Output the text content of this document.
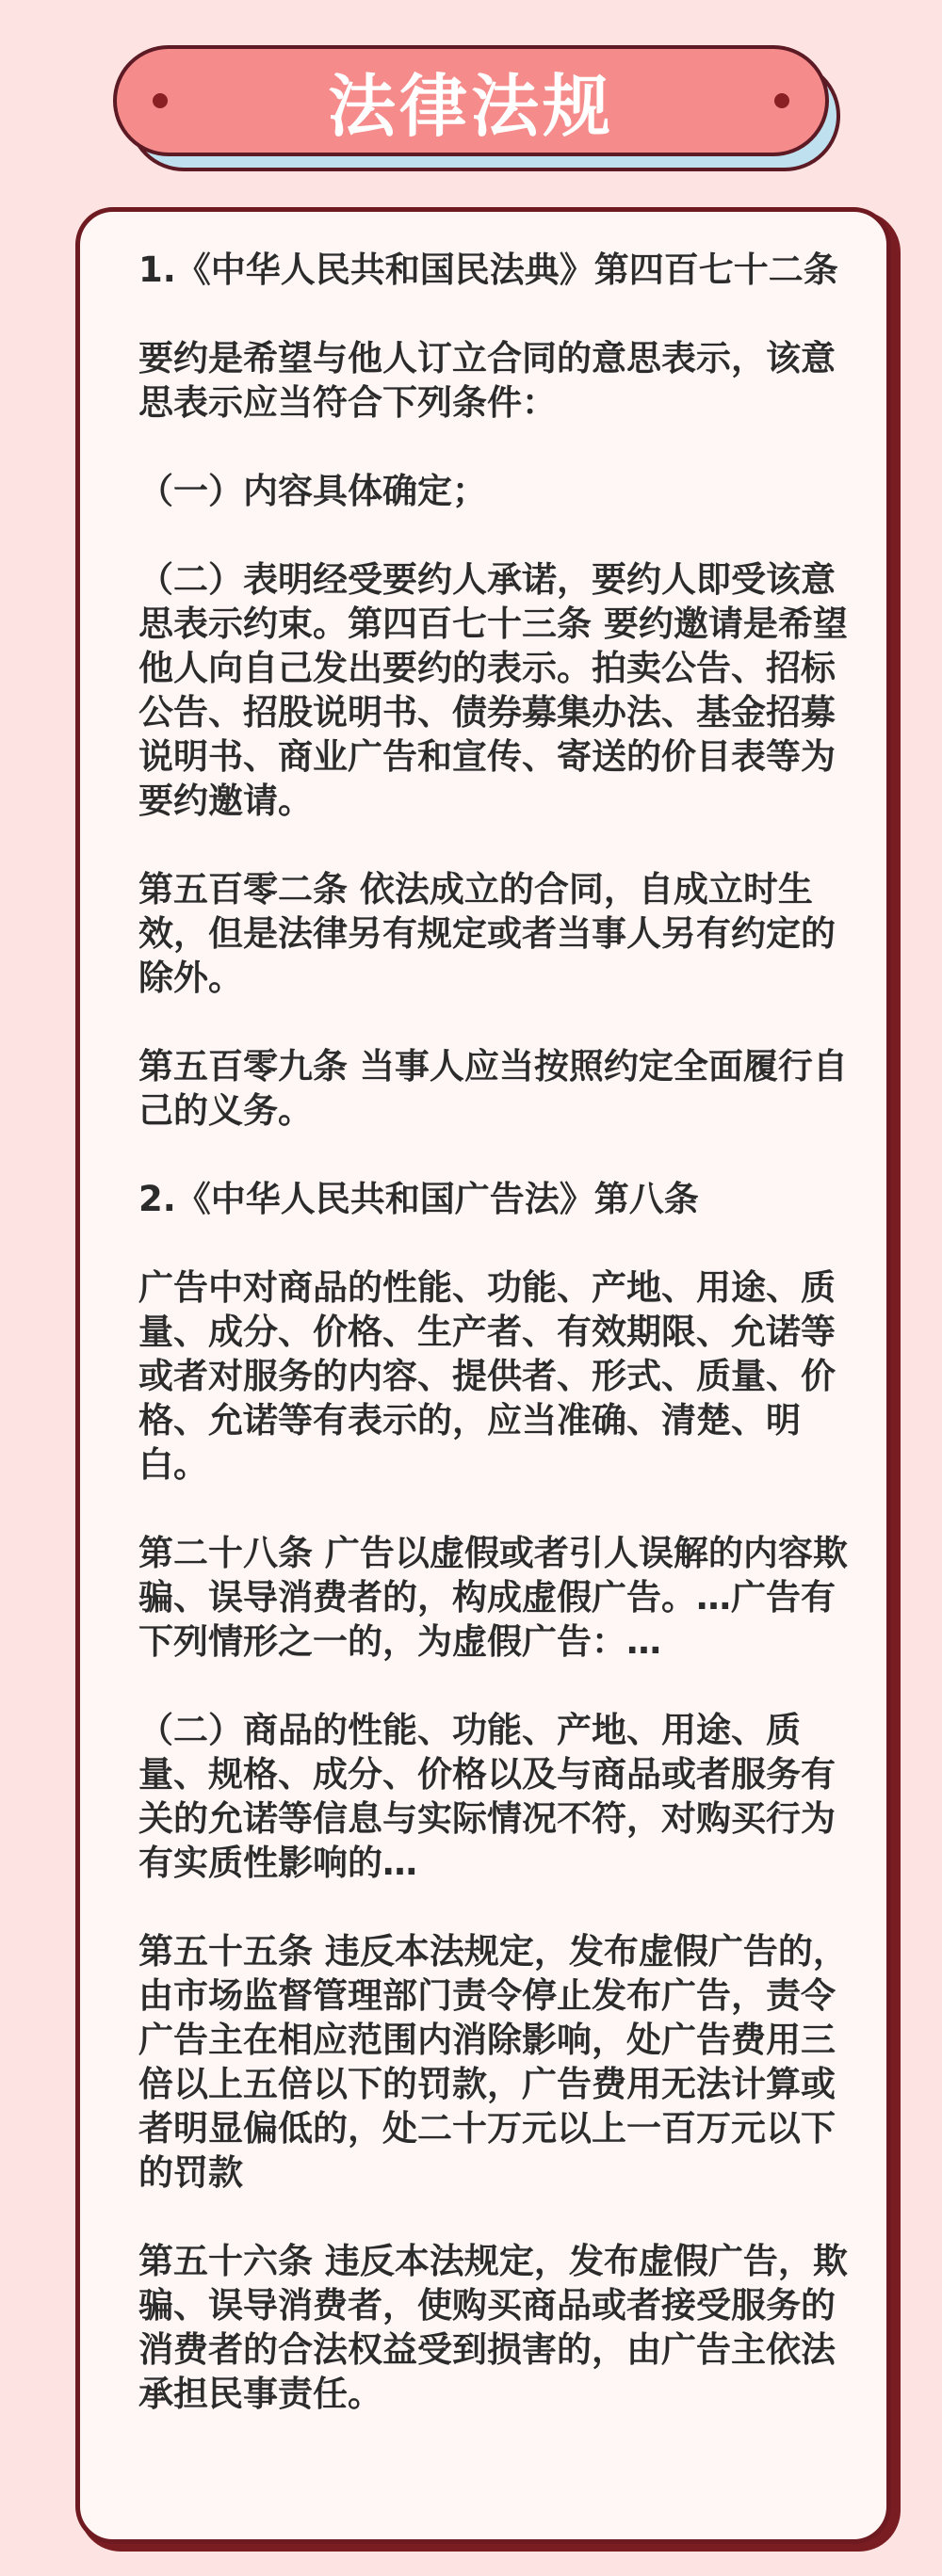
法律法规

1.《中华人民共和国民法典》第四百七十二条

要约是希望与他人订立合同的意思表示，该意思表示应当符合下列条件：

（一）内容具体确定；

（二）表明经受要约人承诺，要约人即受该意思表示约束。第四百七十三条 要约邀请是希望他人向自己发出要约的表示。拍卖公告、招标公告、招股说明书、债券募集办法、基金招募说明书、商业广告和宣传、寄送的价目表等为要约邀请。

第五百零二条 依法成立的合同，自成立时生效，但是法律另有规定或者当事人另有约定的除外。

第五百零九条 当事人应当按照约定全面履行自己的义务。

2.《中华人民共和国广告法》第八条

广告中对商品的性能、功能、产地、用途、质量、成分、价格、生产者、有效期限、允诺等或者对服务的内容、提供者、形式、质量、价格、允诺等有表示的，应当准确、清楚、明白。

第二十八条 广告以虚假或者引人误解的内容欺骗、误导消费者的，构成虚假广告。…广告有下列情形之一的，为虚假广告：…

（二）商品的性能、功能、产地、用途、质量、规格、成分、价格以及与商品或者服务有关的允诺等信息与实际情况不符，对购买行为有实质性影响的…

第五十五条 违反本法规定，发布虚假广告的，由市场监督管理部门责令停止发布广告，责令广告主在相应范围内消除影响，处广告费用三倍以上五倍以下的罚款，广告费用无法计算或者明显偏低的，处二十万元以上一百万元以下的罚款

第五十六条 违反本法规定，发布虚假广告，欺骗、误导消费者，使购买商品或者接受服务的消费者的合法权益受到损害的，由广告主依法承担民事责任。
